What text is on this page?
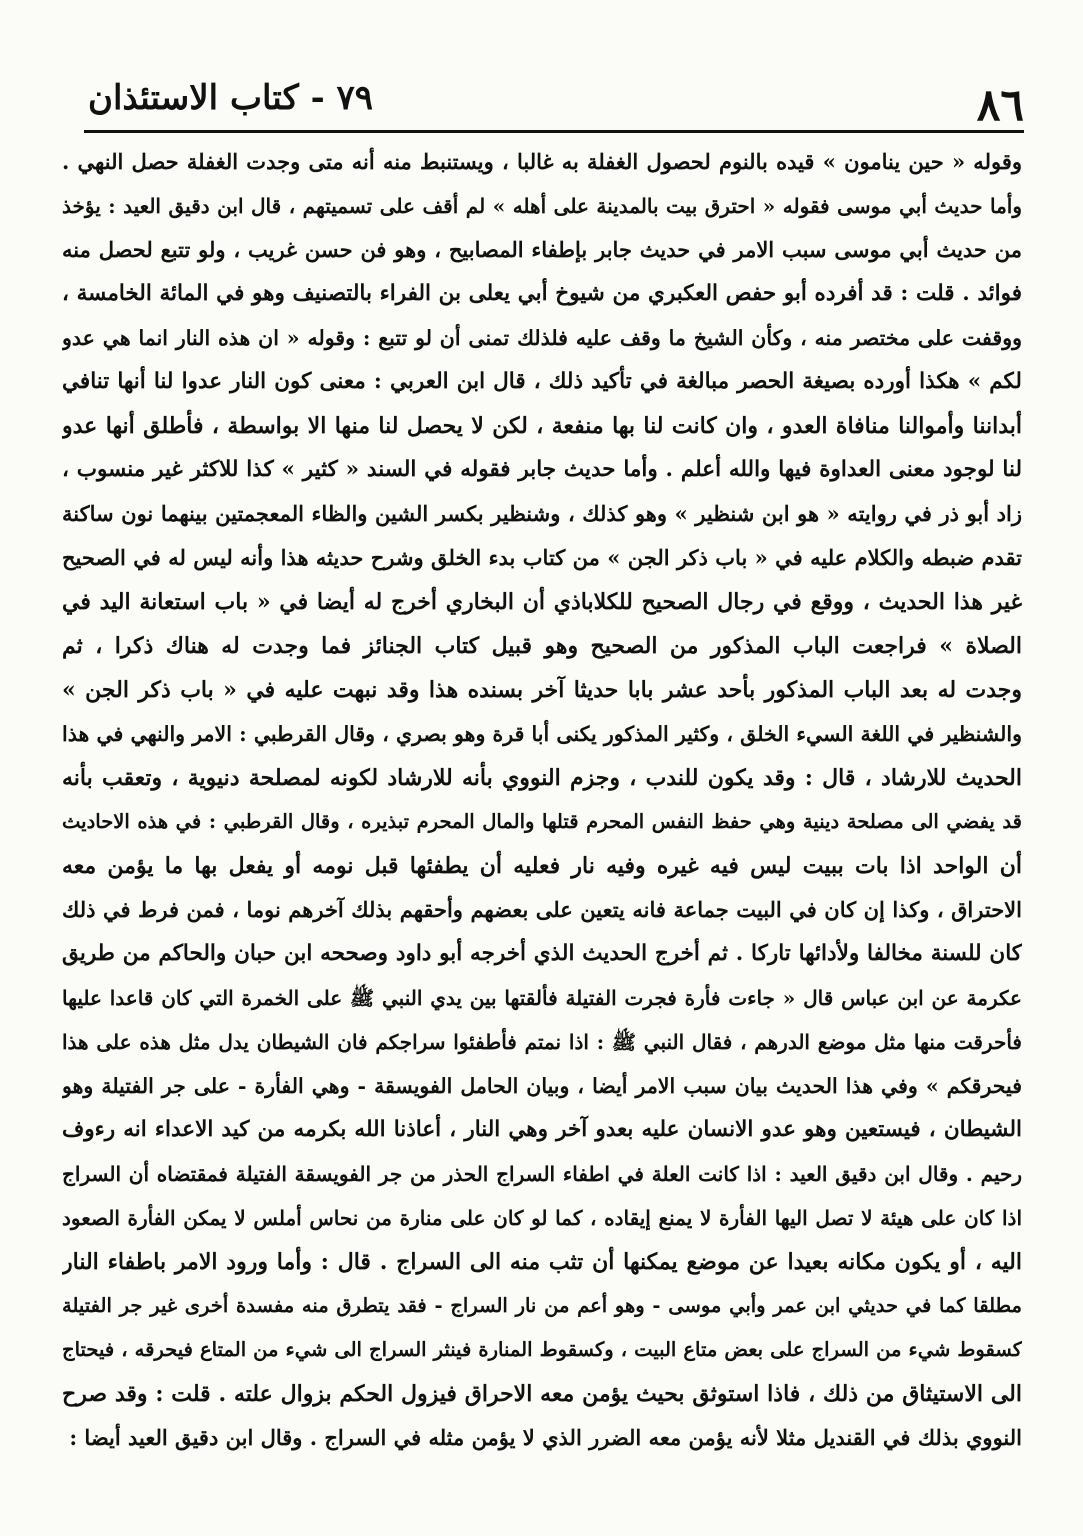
٨٦
٧٩ - كتاب الاستئذان
وقوله « حين ينامون » قيده بالنوم لحصول الغفلة به غالبا ، ويستنبط منه أنه متى وجدت الغفلة حصل النهي .
وأما حديث أبي موسى فقوله « احترق بيت بالمدينة على أهله » لم أقف على تسميتهم ، قال ابن دقيق العيد : يؤخذ
من حديث أبي موسى سبب الامر في حديث جابر بإطفاء المصابيح ، وهو فن حسن غريب ، ولو تتبع لحصل منه
فوائد . قلت : قد أفرده أبو حفص العكبري من شيوخ أبي يعلى بن الفراء بالتصنيف وهو في المائة الخامسة ،
ووقفت على مختصر منه ، وكأن الشيخ ما وقف عليه فلذلك تمنى أن لو تتبع : وقوله « ان هذه النار انما هي عدو
لكم » هكذا أورده بصيغة الحصر مبالغة في تأكيد ذلك ، قال ابن العربي : معنى كون النار عدوا لنا أنها تنافي
أبداننا وأموالنا منافاة العدو ، وان كانت لنا بها منفعة ، لكن لا يحصل لنا منها الا بواسطة ، فأطلق أنها عدو
لنا لوجود معنى العداوة فيها والله أعلم . وأما حديث جابر فقوله في السند « كثير » كذا للاكثر غير منسوب ،
زاد أبو ذر في روايته « هو ابن شنظير » وهو كذلك ، وشنظير بكسر الشين والظاء المعجمتين بينهما نون ساكنة
تقدم ضبطه والكلام عليه في « باب ذكر الجن » من كتاب بدء الخلق وشرح حديثه هذا وأنه ليس له في الصحيح
غير هذا الحديث ، ووقع في رجال الصحيح للكلاباذي أن البخاري أخرج له أيضا في « باب استعانة اليد في
الصلاة » فراجعت الباب المذكور من الصحيح وهو قبيل كتاب الجنائز فما وجدت له هناك ذكرا ، ثم
وجدت له بعد الباب المذكور بأحد عشر بابا حديثا آخر بسنده هذا وقد نبهت عليه في « باب ذكر الجن »
والشنظير في اللغة السيء الخلق ، وكثير المذكور يكنى أبا قرة وهو بصري ، وقال القرطبي : الامر والنهي في هذا
الحديث للارشاد ، قال : وقد يكون للندب ، وجزم النووي بأنه للارشاد لكونه لمصلحة دنيوية ، وتعقب بأنه
قد يفضي الى مصلحة دينية وهي حفظ النفس المحرم قتلها والمال المحرم تبذيره ، وقال القرطبي : في هذه الاحاديث
أن الواحد اذا بات ببيت ليس فيه غيره وفيه نار فعليه أن يطفئها قبل نومه أو يفعل بها ما يؤمن معه
الاحتراق ، وكذا إن كان في البيت جماعة فانه يتعين على بعضهم وأحقهم بذلك آخرهم نوما ، فمن فرط في ذلك
كان للسنة مخالفا ولأدائها تاركا . ثم أخرج الحديث الذي أخرجه أبو داود وصححه ابن حبان والحاكم من طريق
عكرمة عن ابن عباس قال « جاءت فأرة فجرت الفتيلة فألقتها بين يدي النبي ﷺ على الخمرة التي كان قاعدا عليها
فأحرقت منها مثل موضع الدرهم ، فقال النبي ﷺ : اذا نمتم فأطفئوا سراجكم فان الشيطان يدل مثل هذه على هذا
فيحرقكم » وفي هذا الحديث بيان سبب الامر أيضا ، وبيان الحامل الفويسقة - وهي الفأرة - على جر الفتيلة وهو
الشيطان ، فيستعين وهو عدو الانسان عليه بعدو آخر وهي النار ، أعاذنا الله بكرمه من كيد الاعداء انه رءوف
رحيم . وقال ابن دقيق العيد : اذا كانت العلة في اطفاء السراج الحذر من جر الفويسقة الفتيلة فمقتضاه أن السراج
اذا كان على هيئة لا تصل اليها الفأرة لا يمنع إيقاده ، كما لو كان على منارة من نحاس أملس لا يمكن الفأرة الصعود
اليه ، أو يكون مكانه بعيدا عن موضع يمكنها أن تثب منه الى السراج . قال : وأما ورود الامر باطفاء النار
مطلقا كما في حديثي ابن عمر وأبي موسى - وهو أعم من نار السراج - فقد يتطرق منه مفسدة أخرى غير جر الفتيلة
كسقوط شيء من السراج على بعض متاع البيت ، وكسقوط المنارة فينثر السراج الى شيء من المتاع فيحرقه ، فيحتاج
الى الاستيثاق من ذلك ، فاذا استوثق بحيث يؤمن معه الاحراق فيزول الحكم بزوال علته . قلت : وقد صرح
النووي بذلك في القنديل مثلا لأنه يؤمن معه الضرر الذي لا يؤمن مثله في السراج . وقال ابن دقيق العيد أيضا :
